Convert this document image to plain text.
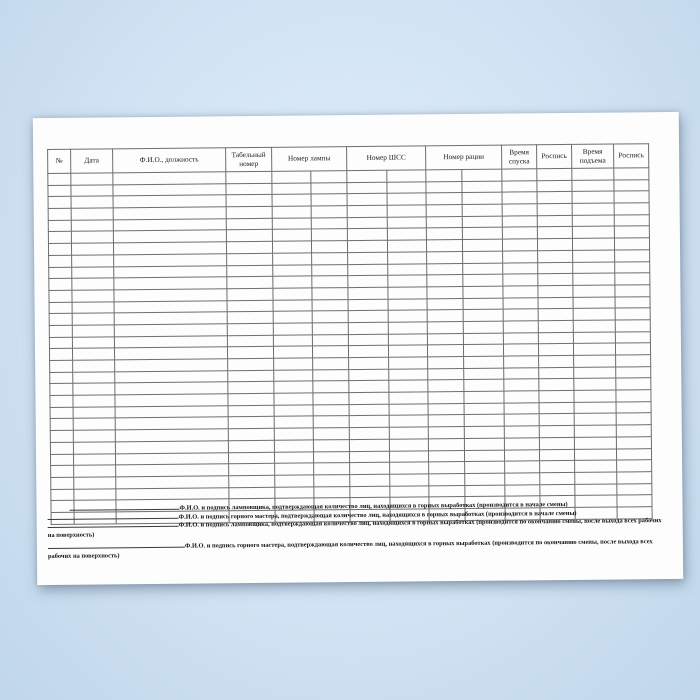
№	Дата	Ф.И.О., должность	Табельный номер	Номер лампы		Номер ШСС		Номер рации		Время спуска	Роспись	Время подъема	Роспись

Ф.И.О. и подпись ламповщика, подтверждающая количество лиц, находящихся в горных выработках (производится в начале смены)
Ф.И.О. и подпись горного мастера, подтверждающая количество лиц, находящихся в горных выработках (производится в начале смены)
Ф.И.О. и подпись ламповщика, подтверждающая количество лиц, находящихся в горных выработках (производится по окончанию смены, после выхода всех рабочих на поверхность)
Ф.И.О. и подпись горного мастера, подтверждающая количество лиц, находящихся в горных выработках (производится по окончанию смены, после выхода всех рабочих на поверхность)
